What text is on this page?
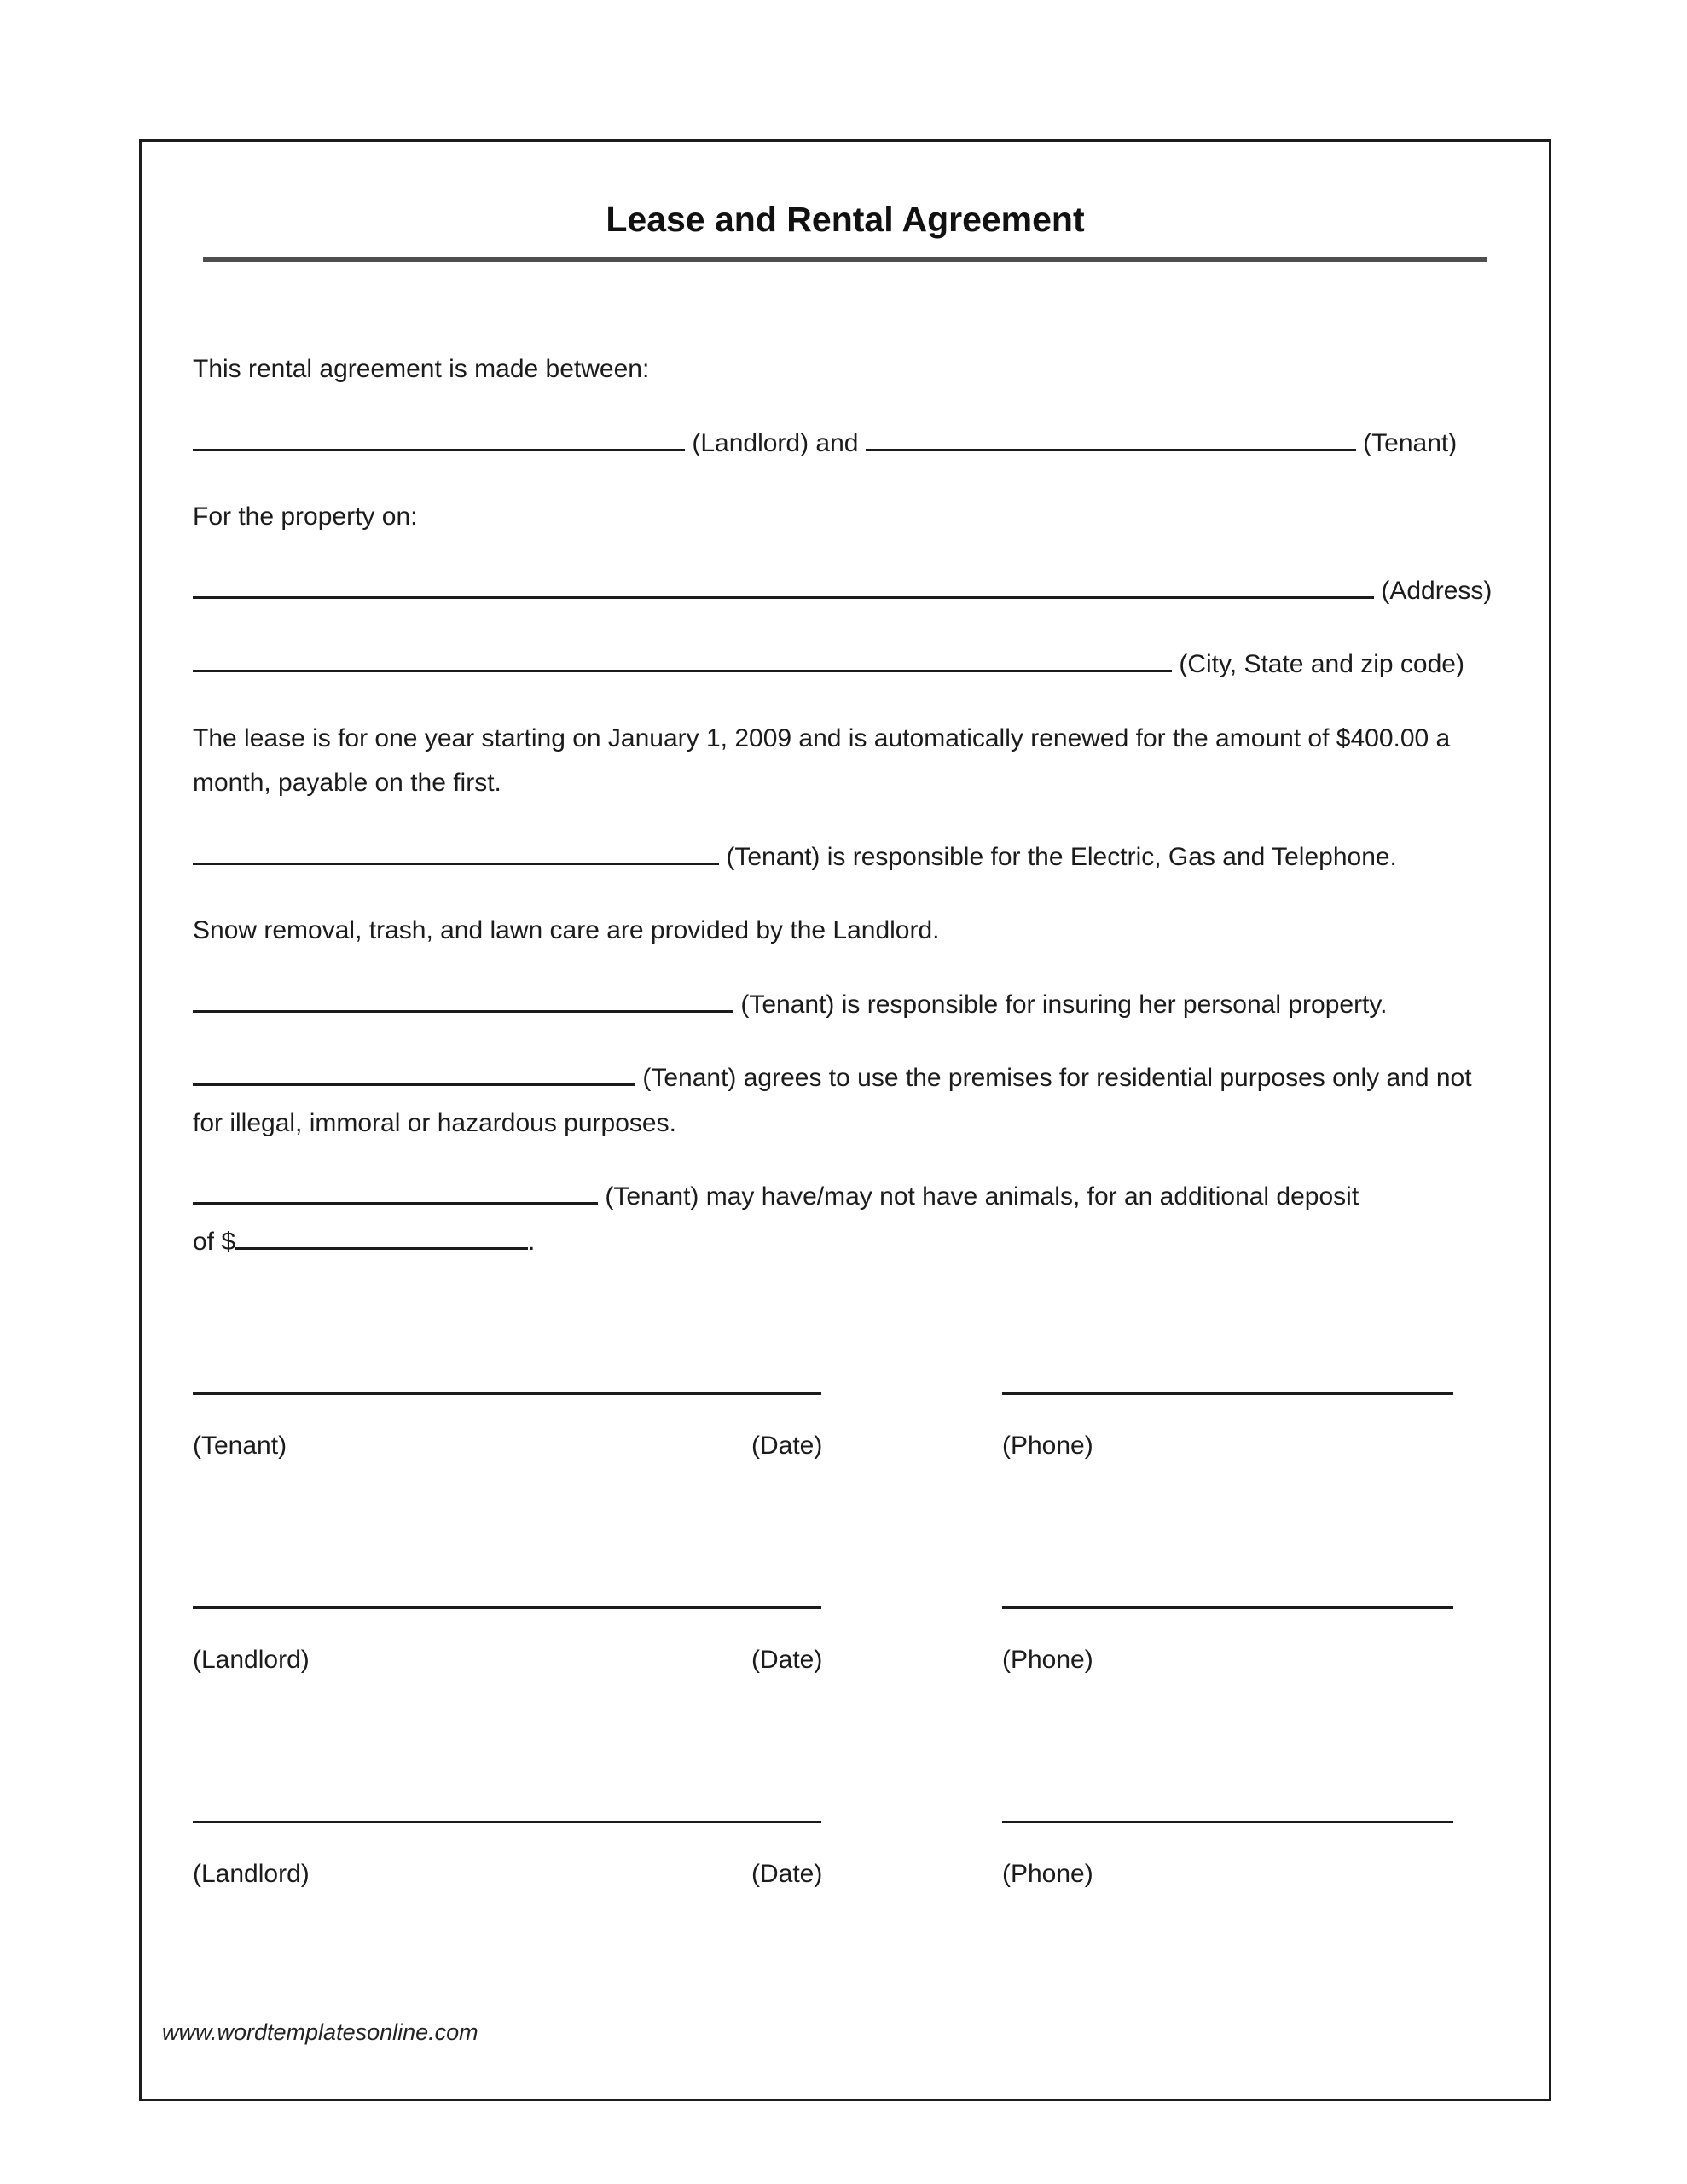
Lease and Rental Agreement

This rental agreement is made between:

(Landlord) and	(Tenant)

For the property on:

(Address)

(City, State and zip code)

The lease is for one year starting on January 1, 2009 and is automatically renewed for the amount of $400.00 a month, payable on the first.

(Tenant) is responsible for the Electric, Gas and Telephone.

Snow removal, trash, and lawn care are provided by the Landlord.

(Tenant) is responsible for insuring her personal property.

(Tenant) agrees to use the premises for residential purposes only and not for illegal, immoral or hazardous purposes.

(Tenant) may have/may not have animals, for an additional deposit
of $	.

(Tenant)	(Date)	(Phone)
(Landlord)	(Date)	(Phone)
(Landlord)	(Date)	(Phone)
www.wordtemplatesonline.com
